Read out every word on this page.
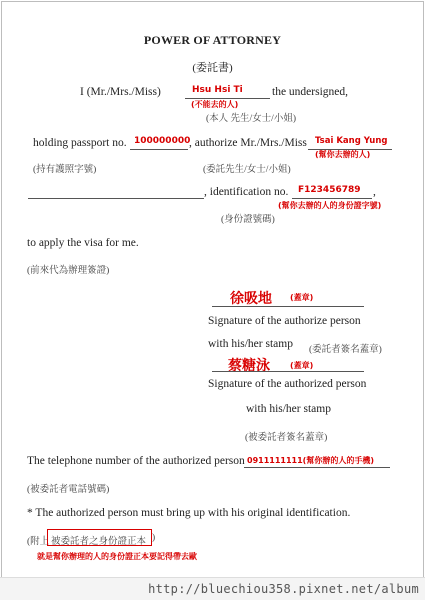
POWER OF ATTORNEY
(委託書)
I (Mr./Mrs./Miss)	Hsu Hsi Ti
(不能去的人)
the undersigned,
(本人 先生/女士/小姐)
holding passport no. 100000000
, authorize Mr./Mrs./Miss Tsai Kang Yung
(幫你去辦的人)
(持有護照字號)	(委託先生/女士/小姐)
, identification no. F123456789 ,
(幫你去辦的人的身份證字號)
(身份證號碼)
to apply the visa for me.
(前來代為辦理簽證)
徐吸地 (蓋章)
Signature of the authorize person
with his/her stamp (委託者簽名蓋章)
蔡糖泳	(蓋章)
Signature of the authorized person
with his/her stamp
(被委託者簽名蓋章)
The telephone number of the authorized person 0911111111(幫你辦的人的手機)
(被委託者電話號碼)
* The authorized person must bring up with his original identification.
(附上 被委託者之身份證正本 )
就是幫你辦理的人的身份證正本要記得帶去歐
http://bluechiou358.pixnet.net/album
